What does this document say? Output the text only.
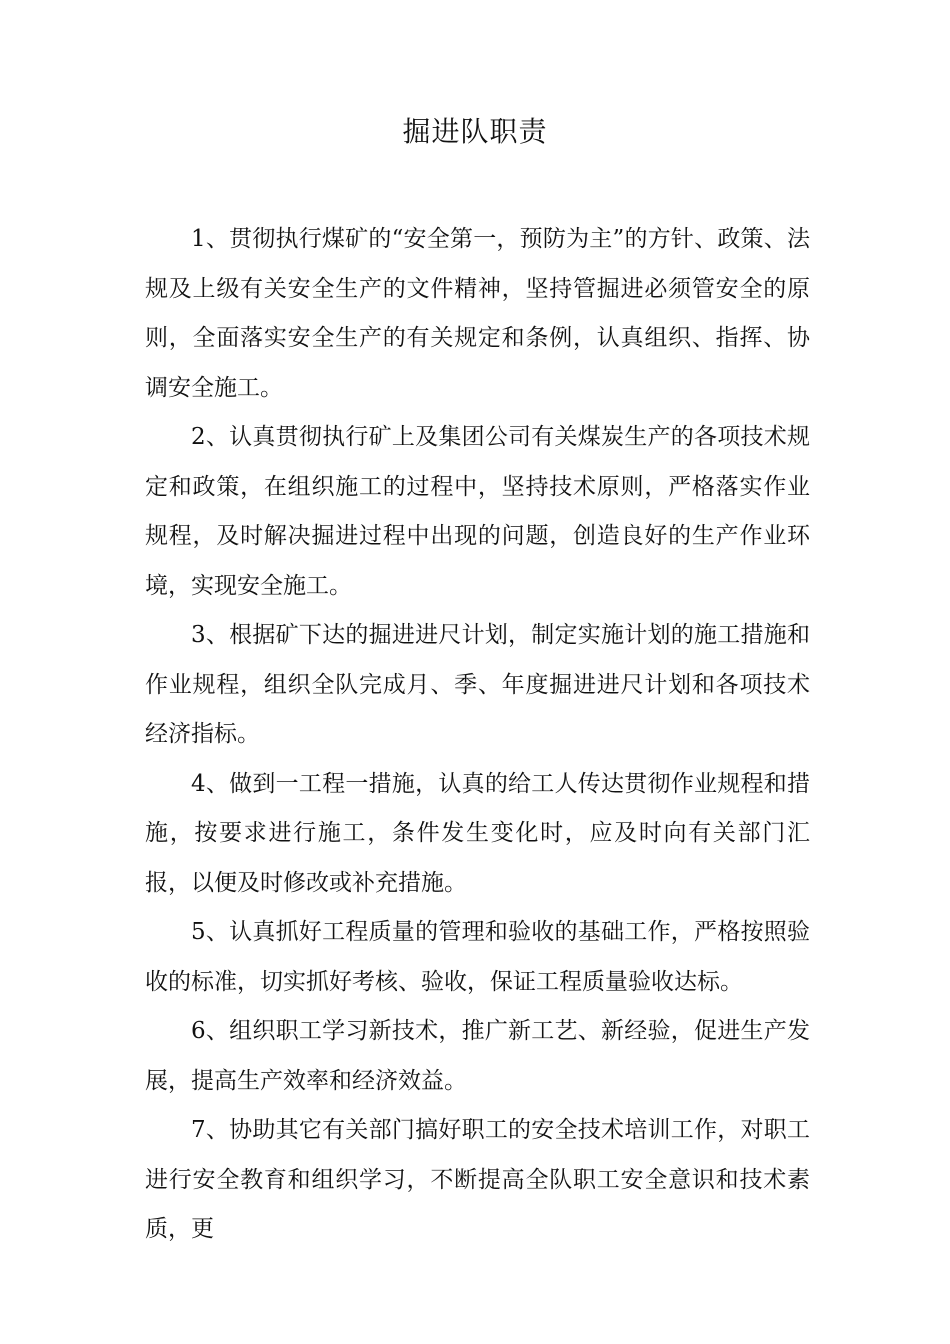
掘进队职责

1、贯彻执行煤矿的“安全第一，预防为主”的方针、政策、法规及上级有关安全生产的文件精神，坚持管掘进必须管安全的原则，全面落实安全生产的有关规定和条例，认真组织、指挥、协调安全施工。

2、认真贯彻执行矿上及集团公司有关煤炭生产的各项技术规定和政策，在组织施工的过程中，坚持技术原则，严格落实作业规程，及时解决掘进过程中出现的问题，创造良好的生产作业环境，实现安全施工。

3、根据矿下达的掘进进尺计划，制定实施计划的施工措施和作业规程，组织全队完成月、季、年度掘进进尺计划和各项技术经济指标。

4、做到一工程一措施，认真的给工人传达贯彻作业规程和措施，按要求进行施工，条件发生变化时，应及时向有关部门汇报，以便及时修改或补充措施。

5、认真抓好工程质量的管理和验收的基础工作，严格按照验收的标准，切实抓好考核、验收，保证工程质量验收达标。

6、组织职工学习新技术，推广新工艺、新经验，促进生产发展，提高生产效率和经济效益。

7、协助其它有关部门搞好职工的安全技术培训工作，对职工进行安全教育和组织学习，不断提高全队职工安全意识和技术素质，更
